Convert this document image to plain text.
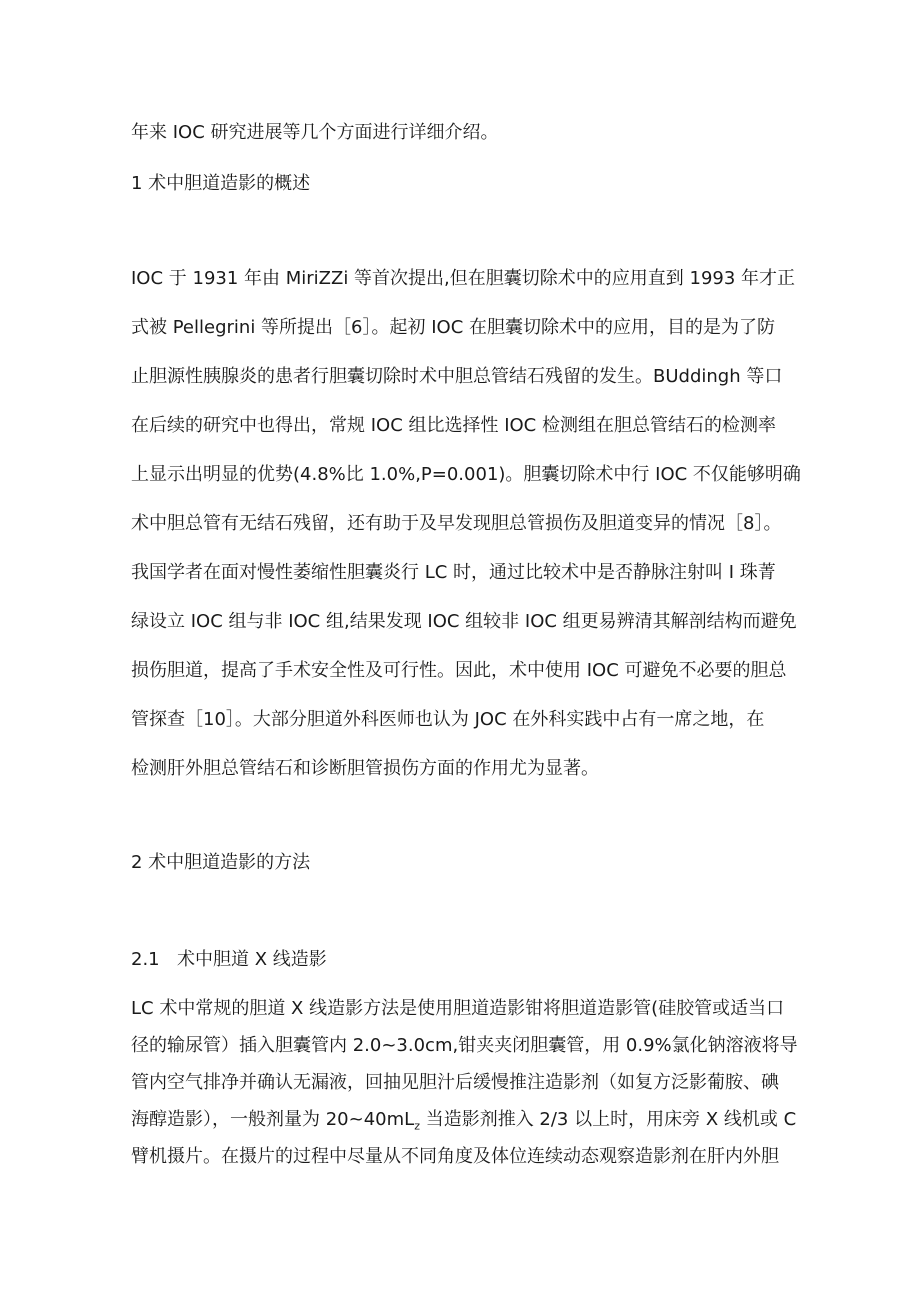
年来 IOC 研究进展等几个方面进行详细介绍。

1 术中胆道造影的概述

IOC 于 1931 年由 MiriZZi 等首次提出,但在胆囊切除术中的应用直到 1993 年才正

式被 Pellegrini 等所提出［6］。起初 IOC 在胆囊切除术中的应用，目的是为了防

止胆源性胰腺炎的患者行胆囊切除时术中胆总管结石残留的发生。BUddingh 等口

在后续的研究中也得出，常规 IOC 组比选择性 IOC 检测组在胆总管结石的检测率

上显示出明显的优势(4.8%比 1.0%,P=0.001)。胆囊切除术中行 IOC 不仅能够明确

术中胆总管有无结石残留，还有助于及早发现胆总管损伤及胆道变异的情况［8］。

我国学者在面对慢性萎缩性胆囊炎行 LC 时，通过比较术中是否静脉注射叫 I 珠菁

绿设立 IOC 组与非 IOC 组,结果发现 IOC 组较非 IOC 组更易辨清其解剖结构而避免

损伤胆道，提高了手术安全性及可行性。因此，术中使用 IOC 可避免不必要的胆总

管探查［10］。大部分胆道外科医师也认为 JOC 在外科实践中占有一席之地，在

检测肝外胆总管结石和诊断胆管损伤方面的作用尤为显著。

2 术中胆道造影的方法

2.1 术中胆道 X 线造影

LC 术中常规的胆道 X 线造影方法是使用胆道造影钳将胆道造影管(硅胶管或适当口

径的输尿管）插入胆囊管内 2.0~3.0cm,钳夹夹闭胆囊管，用 0.9%氯化钠溶液将导

管内空气排净并确认无漏液，回抽见胆汁后缓慢推注造影剂（如复方泛影葡胺、碘

海醇造影），一般剂量为 $20\sim 40mL_z$ 当造影剂推入 2/3 以上时，用床旁 X 线机或 C

臂机摄片。在摄片的过程中尽量从不同角度及体位连续动态观察造影剂在肝内外胆
